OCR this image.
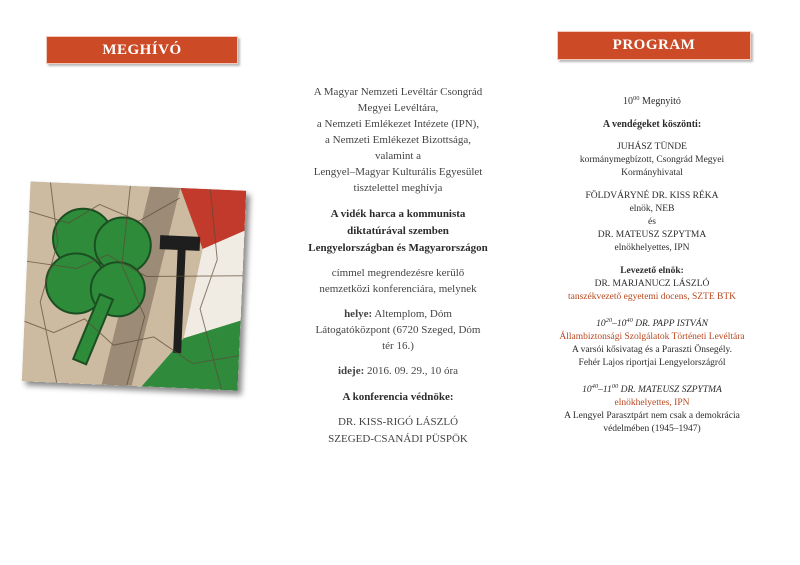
MEGHÍVÓ

A Magyar Nemzeti Levéltár Csongrád

Megyei Levéltára,

a Nemzeti Emlékezet Intézete (IPN),

a Nemzeti Emlékezet Bizottsága,

valamint a

Lengyel–Magyar Kulturális Egyesület

tisztelettel meghívja

A vidék harca a kommunista

diktatúrával szemben

Lengyelországban és Magyarországon

címmel megrendezésre kerülő

nemzetközi konferenciára, melynek

helye: Altemplom, Dóm

Látogatóközpont (6720 Szeged, Dóm

tér 16.)

ideje: 2016. 09. 29., 10 óra

A konferencia védnöke:

DR. KISS-RIGÓ LÁSZLÓ

SZEGED-CSANÁDI PÜSPÖK

PROGRAM

$10^{00}$ Megnyitó

A vendégeket köszönti:

JUHÁSZ TÜNDE

kormánymegbízott, Csongrád Megyei

Kormányhivatal

FÖLDVÁRYNÉ DR. KISS RÉKA

elnök, NEB

és

DR. MATEUSZ SZPYTMA

elnökhelyettes, IPN

Levezető elnök:

DR. MARJANUCZ LÁSZLÓ

tanszékvezető egyetemi docens, SZTE BTK

$10^{20}-10^{40}$ DR. PAPP ISTVÁN

Állambiztonsági Szolgálatok Történeti Levéltára

A varsói kősivatag és a Paraszti Önsegély.

Fehér Lajos riportjai Lengyelországról

$10^{40}-11^{00}$ DR. MATEUSZ SZPYTMA

elnökhelyettes, IPN

A Lengyel Parasztpárt nem csak a demokrácia

védelmében (1945–1947)
